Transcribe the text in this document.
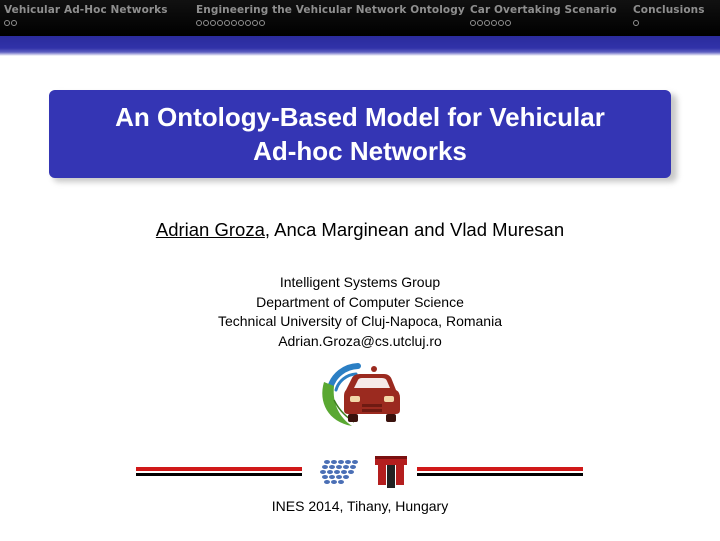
Vehicular Ad-Hoc Networks	Engineering the Vehicular Network Ontology Car Overtaking Scenario Conclusions
An Ontology-Based Model for Vehicular
Ad-hoc Networks
Adrian Groza, Anca Marginean and Vlad Muresan
Intelligent Systems Group
Department of Computer Science
Technical University of Cluj-Napoca, Romania
Adrian.Groza@cs.utcluj.ro
INES 2014, Tihany, Hungary
